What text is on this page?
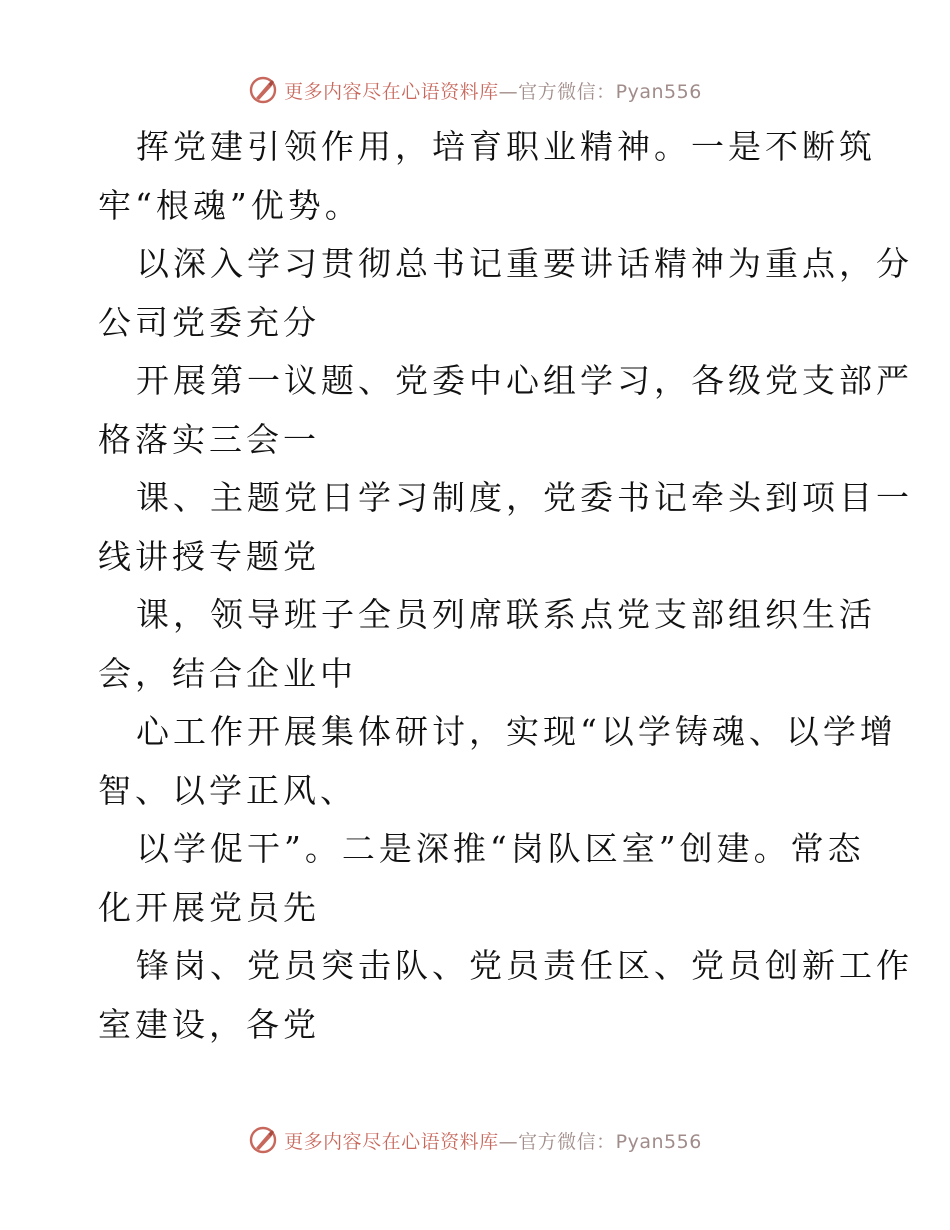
更多内容尽在心语资料库—官方微信：Pyan556
挥党建引领作用，培育职业精神。一是不断筑
牢“根魂”优势。
以深入学习贯彻总书记重要讲话精神为重点，分
公司党委充分
开展第一议题、党委中心组学习，各级党支部严
格落实三会一
课、主题党日学习制度，党委书记牵头到项目一
线讲授专题党
课，领导班子全员列席联系点党支部组织生活
会，结合企业中
心工作开展集体研讨，实现“以学铸魂、以学增
智、以学正风、
以学促干”。二是深推“岗队区室”创建。常态
化开展党员先
锋岗、党员突击队、党员责任区、党员创新工作
室建设，各党
更多内容尽在心语资料库—官方微信：Pyan556
